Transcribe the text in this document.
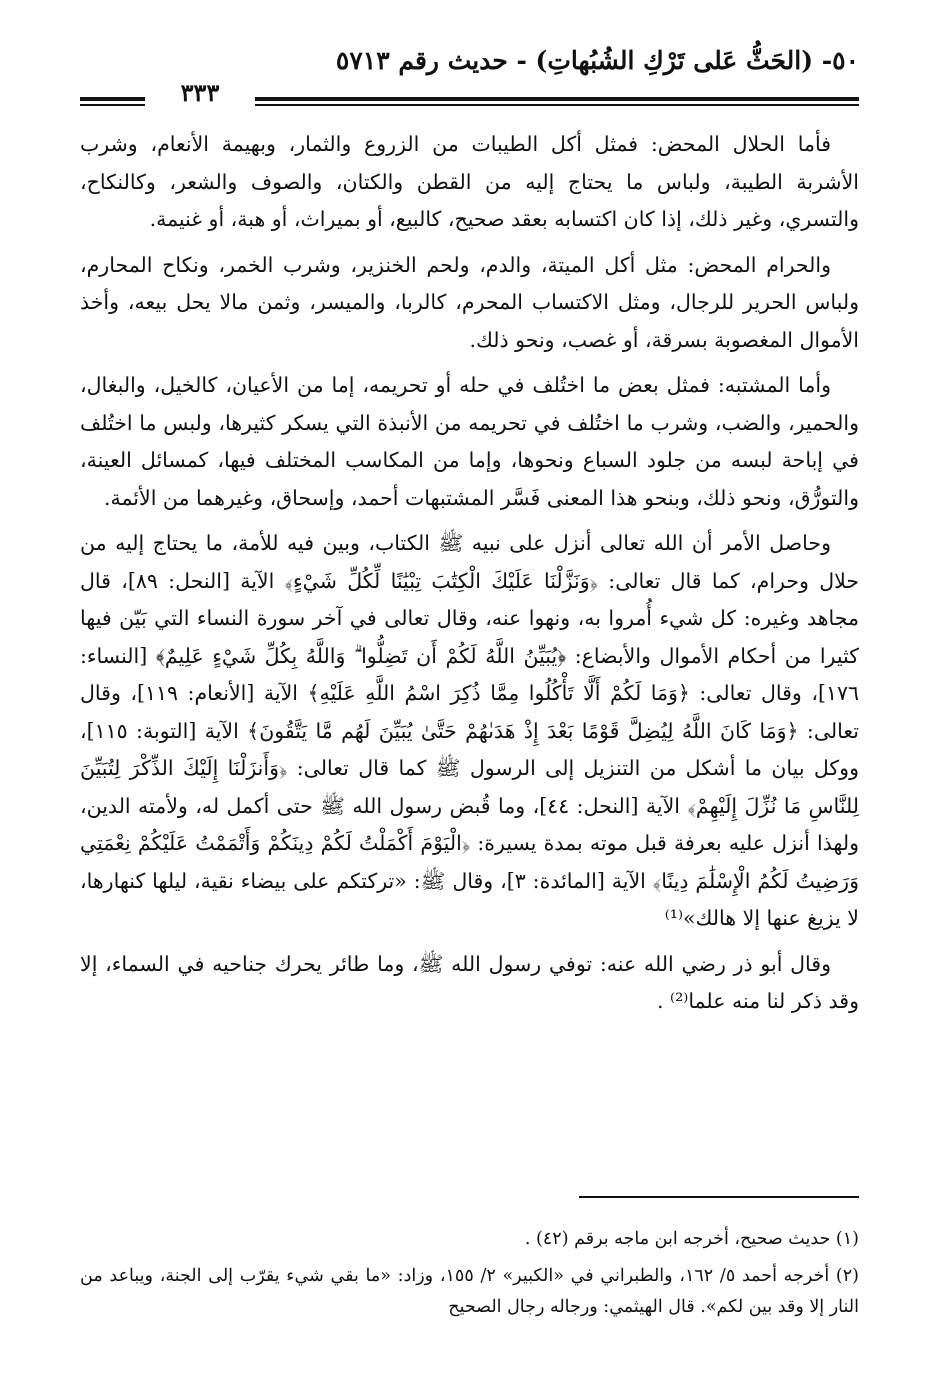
٥٠- (الحَثُّ عَلى تَرْكِ الشُبُهاتِ) - حديث رقم ٥٧١٣
٣٣٣

فأما الحلال المحض: فمثل أكل الطيبات من الزروع والثمار، وبهيمة الأنعام، وشرب الأشربة الطيبة، ولباس ما يحتاج إليه من القطن والكتان، والصوف والشعر، وكالنكاح، والتسري، وغير ذلك، إذا كان اكتسابه بعقد صحيح، كالبيع، أو بميراث، أو هبة، أو غنيمة.

والحرام المحض: مثل أكل الميتة، والدم، ولحم الخنزير، وشرب الخمر، ونكاح المحارم، ولباس الحرير للرجال، ومثل الاكتساب المحرم، كالربا، والميسر، وثمن مالا يحل بيعه، وأخذ الأموال المغصوبة بسرقة، أو غصب، ونحو ذلك.

وأما المشتبه: فمثل بعض ما اختُلف في حله أو تحريمه، إما من الأعيان، كالخيل، والبغال، والحمير، والضب، وشرب ما اختُلف في تحريمه من الأنبذة التي يسكر كثيرها، ولبس ما اختُلف في إباحة لبسه من جلود السباع ونحوها، وإما من المكاسب المختلف فيها، كمسائل العينة، والتورُّق، ونحو ذلك، وبنحو هذا المعنى فَسَّر المشتبهات أحمد، وإسحاق، وغيرهما من الأئمة.

وحاصل الأمر أن الله تعالى أنزل على نبيه ﷺ الكتاب، وبين فيه للأمة، ما يحتاج إليه من حلال وحرام، كما قال تعالى: ﴿وَنَزَّلْنَا عَلَيْكَ الْكِتَٰبَ تِبْيَٰنًا لِّكُلِّ شَيْءٍ﴾ الآية [النحل: ٨٩]، قال مجاهد وغيره: كل شيء أُمروا به، ونهوا عنه، وقال تعالى في آخر سورة النساء التي بَيّن فيها كثيرا من أحكام الأموال والأبضاع: ﴿يُبَيِّنُ اللَّهُ لَكُمْ أَن تَضِلُّوا ۗ وَاللَّهُ بِكُلِّ شَيْءٍ عَلِيمٌ﴾ [النساء: ١٧٦]، وقال تعالى: ﴿وَمَا لَكُمْ أَلَّا تَأْكُلُوا مِمَّا ذُكِرَ اسْمُ اللَّهِ عَلَيْهِ﴾ الآية [الأنعام: ١١٩]، وقال تعالى: ﴿وَمَا كَانَ اللَّهُ لِيُضِلَّ قَوْمًا بَعْدَ إِذْ هَدَىٰهُمْ حَتَّىٰ يُبَيِّنَ لَهُم مَّا يَتَّقُونَ﴾ الآية [التوبة: ١١٥]، ووكل بيان ما أشكل من التنزيل إلى الرسول ﷺ كما قال تعالى: ﴿وَأَنزَلْنَا إِلَيْكَ الذِّكْرَ لِتُبَيِّنَ لِلنَّاسِ مَا نُزِّلَ إِلَيْهِمْ﴾ الآية [النحل: ٤٤]، وما قُبض رسول الله ﷺ حتى أكمل له، ولأمته الدين، ولهذا أنزل عليه بعرفة قبل موته بمدة يسيرة: ﴿الْيَوْمَ أَكْمَلْتُ لَكُمْ دِينَكُمْ وَأَتْمَمْتُ عَلَيْكُمْ نِعْمَتِي وَرَضِيتُ لَكُمُ الْإِسْلَٰمَ دِينًا﴾ الآية [المائدة: ٣]، وقال ﷺ: «تركتكم على بيضاء نقية، ليلها كنهارها، لا يزيغ عنها إلا هالك»⁽¹⁾

وقال أبو ذر رضي الله عنه: توفي رسول الله ﷺ، وما طائر يحرك جناحيه في السماء، إلا وقد ذكر لنا منه علما⁽²⁾ .

(١) حديث صحيح، أخرجه ابن ماجه برقم (٤٢) .

(٢) أخرجه أحمد ٥/ ١٦٢، والطبراني في «الكبير» ٢/ ١٥٥، وزاد: «ما بقي شيء يقرّب إلى الجنة، ويباعد من النار إلا وقد بين لكم». قال الهيثمي: ورجاله رجال الصحيح
